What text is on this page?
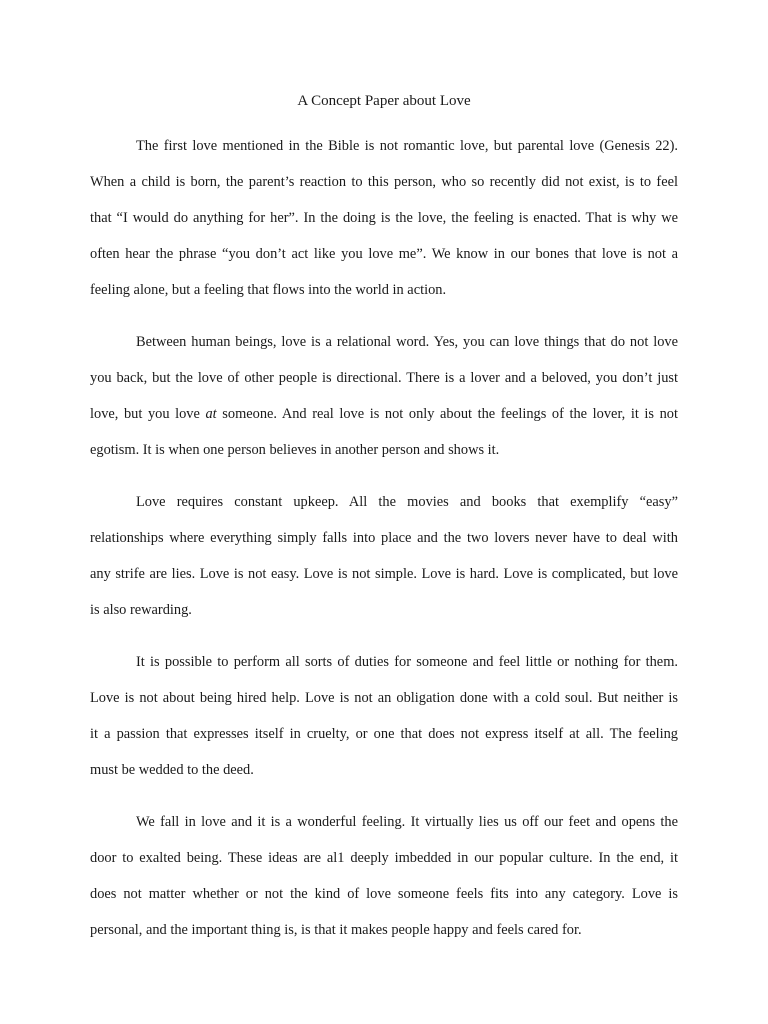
A Concept Paper about Love
The first love mentioned in the Bible is not romantic love, but parental love (Genesis 22).
When a child is born, the parent’s reaction to this person, who so recently did not exist, is to feel
that “I would do anything for her”. In the doing is the love, the feeling is enacted. That is why we
often hear the phrase “you don’t act like you love me”. We know in our bones that love is not a
feeling alone, but a feeling that flows into the world in action.
Between human beings, love is a relational word. Yes, you can love things that do not love
you back, but the love of other people is directional. There is a lover and a beloved, you don’t just
love, but you love at someone. And real love is not only about the feelings of the lover, it is not
egotism. It is when one person believes in another person and shows it.
Love requires constant upkeep. All the movies and books that exemplify “easy”
relationships where everything simply falls into place and the two lovers never have to deal with
any strife are lies. Love is not easy. Love is not simple. Love is hard. Love is complicated, but love
is also rewarding.
It is possible to perform all sorts of duties for someone and feel little or nothing for them.
Love is not about being hired help. Love is not an obligation done with a cold soul. But neither is
it a passion that expresses itself in cruelty, or one that does not express itself at all. The feeling
must be wedded to the deed.
We fall in love and it is a wonderful feeling. It virtually lies us off our feet and opens the
door to exalted being. These ideas are al1 deeply imbedded in our popular culture. In the end, it
does not matter whether or not the kind of love someone feels fits into any category. Love is
personal, and the important thing is, is that it makes people happy and feels cared for.
